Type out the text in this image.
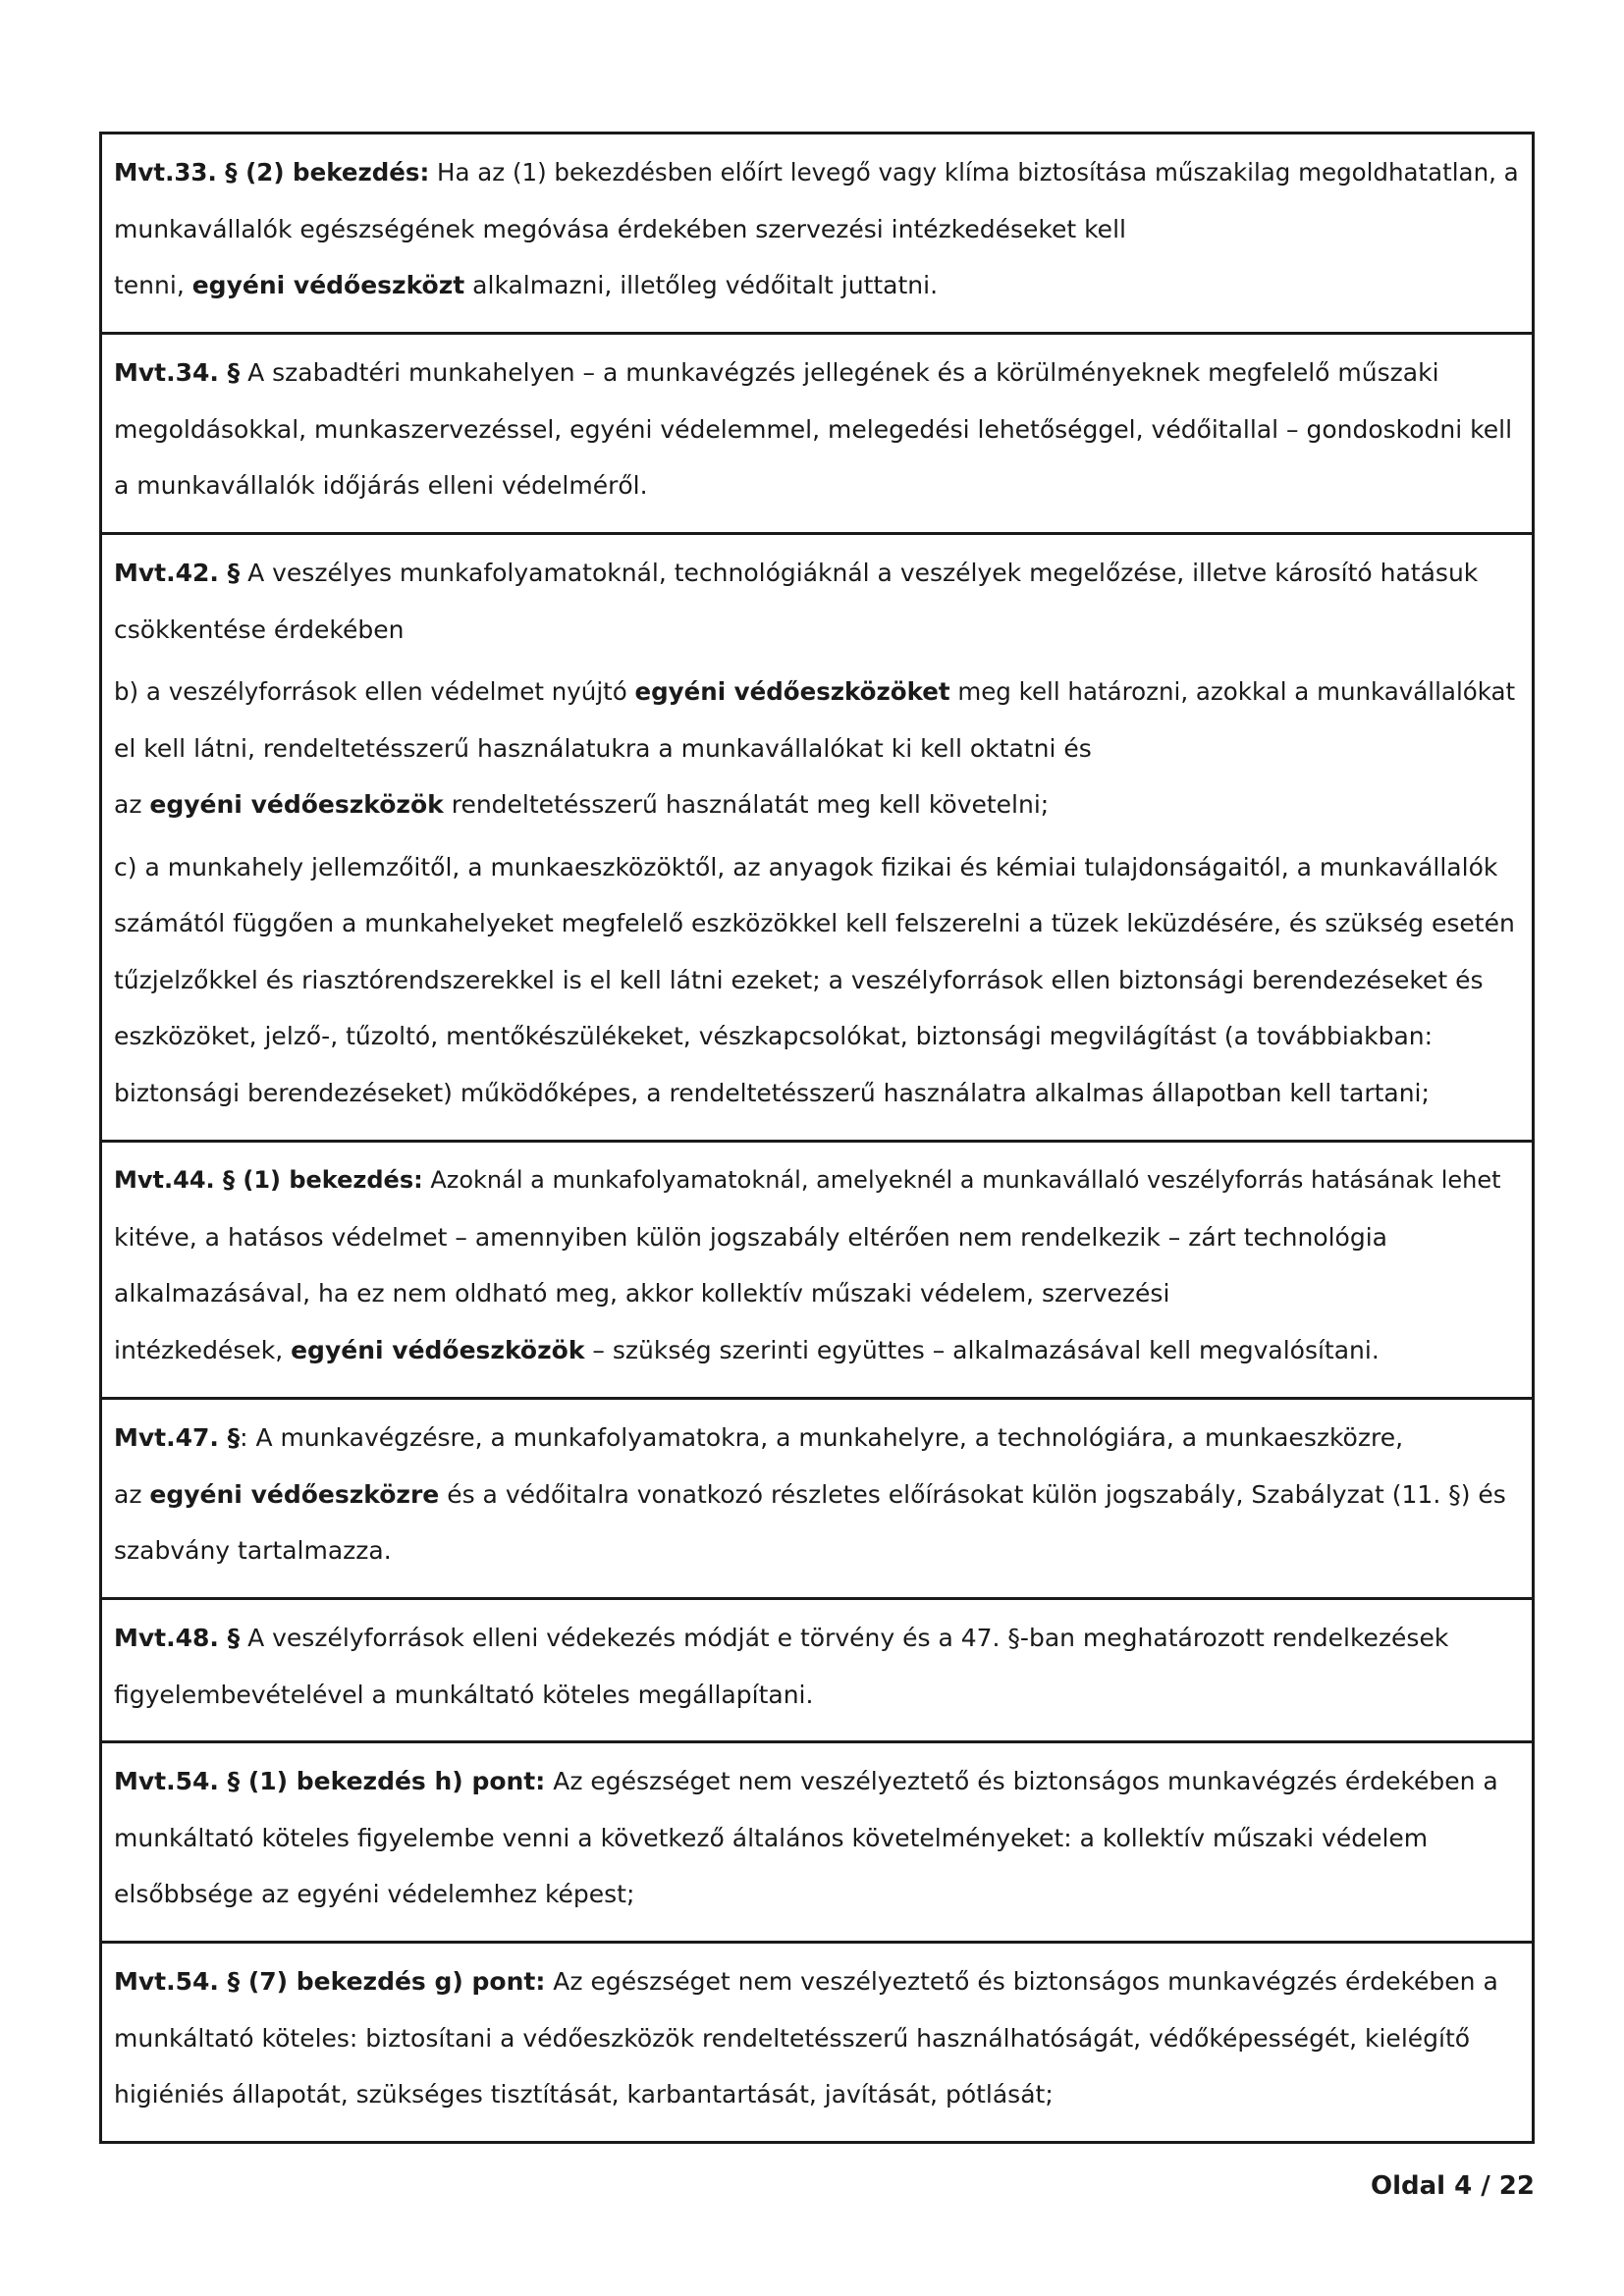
Mvt.33. § (2) bekezdés: Ha az (1) bekezdésben előírt levegő vagy klíma biztosítása műszakilag megoldhatatlan, a

munkavállalók egészségének megóvása érdekében szervezési intézkedéseket kell

tenni, egyéni védőeszközt alkalmazni, illetőleg védőitalt juttatni.

Mvt.34. § A szabadtéri munkahelyen – a munkavégzés jellegének és a körülményeknek megfelelő műszaki

megoldásokkal, munkaszervezéssel, egyéni védelemmel, melegedési lehetőséggel, védőitallal – gondoskodni kell

a munkavállalók időjárás elleni védelméről.

Mvt.42. § A veszélyes munkafolyamatoknál, technológiáknál a veszélyek megelőzése, illetve károsító hatásuk

csökkentése érdekében

b) a veszélyforrások ellen védelmet nyújtó egyéni védőeszközöket meg kell határozni, azokkal a munkavállalókat

el kell látni, rendeltetésszerű használatukra a munkavállalókat ki kell oktatni és

az egyéni védőeszközök rendeltetésszerű használatát meg kell követelni;

c) a munkahely jellemzőitől, a munkaeszközöktől, az anyagok fizikai és kémiai tulajdonságaitól, a munkavállalók

számától függően a munkahelyeket megfelelő eszközökkel kell felszerelni a tüzek leküzdésére, és szükség esetén

tűzjelzőkkel és riasztórendszerekkel is el kell látni ezeket; a veszélyforrások ellen biztonsági berendezéseket és

eszközöket, jelző-, tűzoltó, mentőkészülékeket, vészkapcsolókat, biztonsági megvilágítást (a továbbiakban:

biztonsági berendezéseket) működőképes, a rendeltetésszerű használatra alkalmas állapotban kell tartani;

Mvt.44. § (1) bekezdés: Azoknál a munkafolyamatoknál, amelyeknél a munkavállaló veszélyforrás hatásának lehet

kitéve, a hatásos védelmet – amennyiben külön jogszabály eltérően nem rendelkezik – zárt technológia

alkalmazásával, ha ez nem oldható meg, akkor kollektív műszaki védelem, szervezési

intézkedések, egyéni védőeszközök – szükség szerinti együttes – alkalmazásával kell megvalósítani.

Mvt.47. §: A munkavégzésre, a munkafolyamatokra, a munkahelyre, a technológiára, a munkaeszközre,

az egyéni védőeszközre és a védőitalra vonatkozó részletes előírásokat külön jogszabály, Szabályzat (11. §) és

szabvány tartalmazza.

Mvt.48. § A veszélyforrások elleni védekezés módját e törvény és a 47. §-ban meghatározott rendelkezések

figyelembevételével a munkáltató köteles megállapítani.

Mvt.54. § (1) bekezdés h) pont: Az egészséget nem veszélyeztető és biztonságos munkavégzés érdekében a

munkáltató köteles figyelembe venni a következő általános követelményeket: a kollektív műszaki védelem

elsőbbsége az egyéni védelemhez képest;

Mvt.54. § (7) bekezdés g) pont: Az egészséget nem veszélyeztető és biztonságos munkavégzés érdekében a

munkáltató köteles: biztosítani a védőeszközök rendeltetésszerű használhatóságát, védőképességét, kielégítő

higiéniés állapotát, szükséges tisztítását, karbantartását, javítását, pótlását;

Oldal 4 / 22
